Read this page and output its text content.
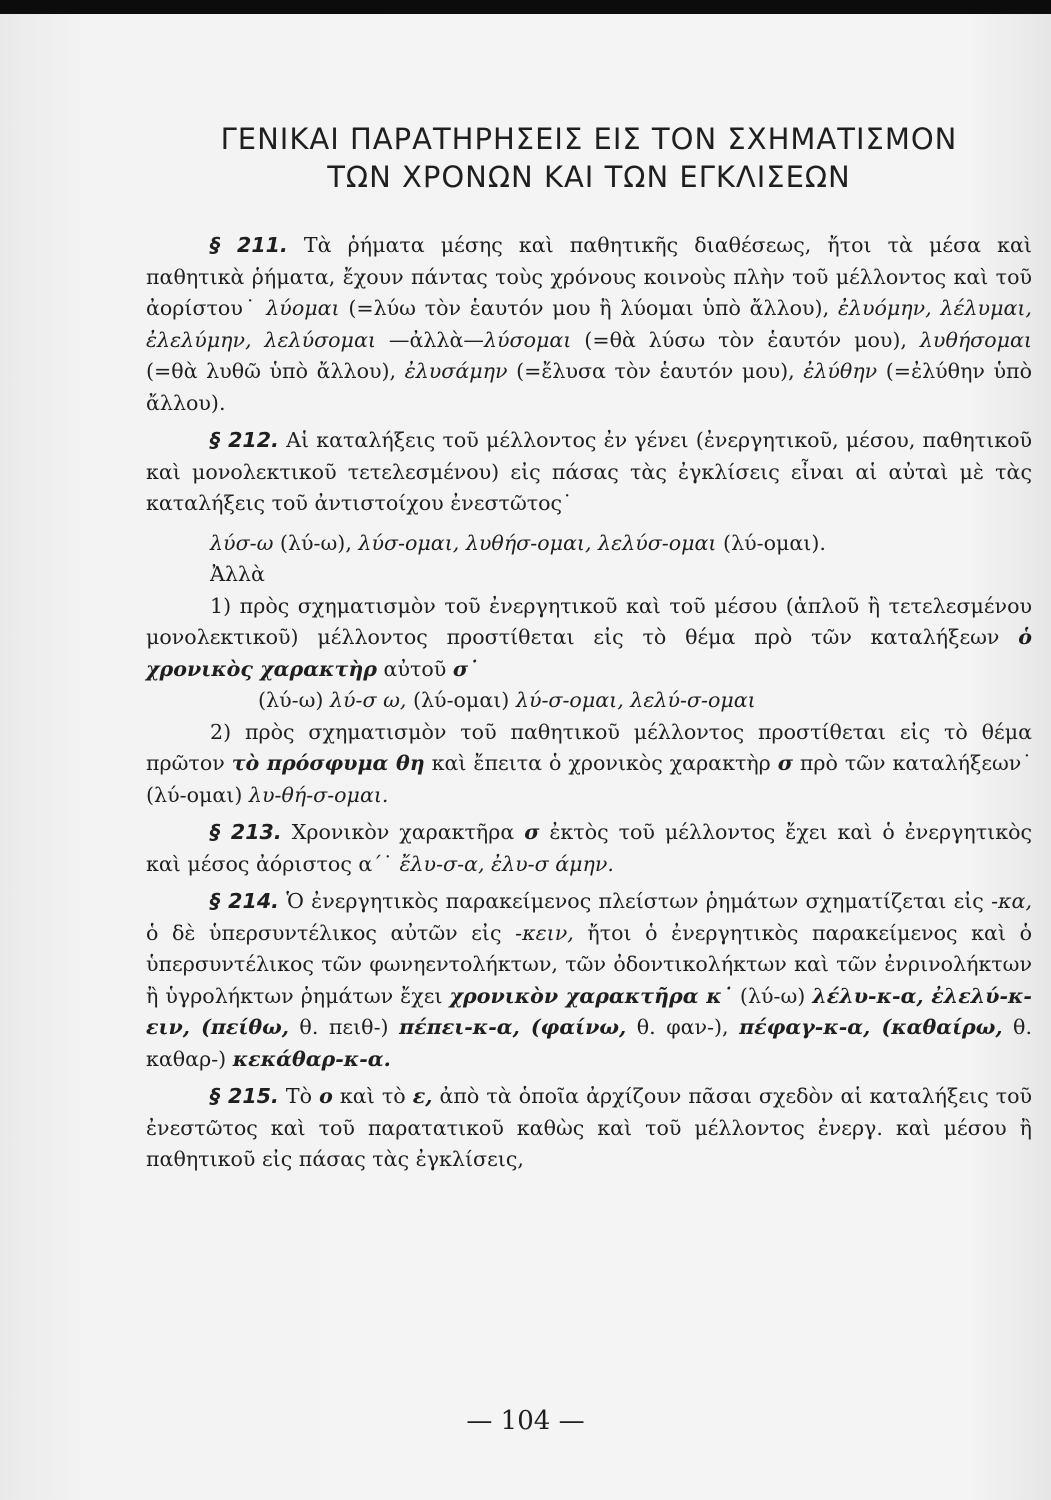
ΓΕΝΙΚΑΙ ΠΑΡΑΤΗΡΗΣΕΙΣ ΕΙΣ ΤΟΝ ΣΧΗΜΑΤΙΣΜΟΝ
ΤΩΝ ΧΡΟΝΩΝ ΚΑΙ ΤΩΝ ΕΓΚΛΙΣΕΩΝ

§ 211. Τὰ ῥήματα μέσης καὶ παθητικῆς διαθέσεως, ἤτοι τὰ μέσα καὶ παθητικὰ ῥήματα, ἔχουν πάντας τοὺς χρόνους κοινοὺς πλὴν τοῦ μέλλοντος καὶ τοῦ ἀορίστου˙ λύομαι (=λύω τὸν ἑαυτόν μου ἢ λύομαι ὑπὸ ἄλλου), ἐλυόμην, λέλυμαι, ἐλελύμην, λελύσομαι —ἀλλὰ—λύσομαι (=θὰ λύσω τὸν ἑαυτόν μου), λυθήσομαι (=θὰ λυθῶ ὑπὸ ἄλλου), ἐλυσάμην (=ἔλυσα τὸν ἑαυτόν μου), ἐλύθην (=ἐλύθην ὑπὸ ἄλλου).

§ 212. Αἱ καταλήξεις τοῦ μέλλοντος ἐν γένει (ἐνεργητικοῦ, μέσου, παθητικοῦ καὶ μονολεκτικοῦ τετελεσμένου) εἰς πάσας τὰς ἐγκλίσεις εἶναι αἱ αὐταὶ μὲ τὰς καταλήξεις τοῦ ἀντιστοίχου ἐνεστῶτος˙

λύσ-ω (λύ-ω), λύσ-ομαι, λυθήσ-ομαι, λελύσ-ομαι (λύ-ομαι).

Ἀλλὰ

1) πρὸς σχηματισμὸν τοῦ ἐνεργητικοῦ καὶ τοῦ μέσου (ἁπλοῦ ἢ τετελεσμένου μονολεκτικοῦ) μέλλοντος προστίθεται εἰς τὸ θέμα πρὸ τῶν καταλήξεων ὁ χρονικὸς χαρακτὴρ αὐτοῦ σ˙

(λύ-ω) λύ-σ ω, (λύ-ομαι) λύ-σ-ομαι, λελύ-σ-ομαι

2) πρὸς σχηματισμὸν τοῦ παθητικοῦ μέλλοντος προστίθεται εἰς τὸ θέμα πρῶτον τὸ πρόσφυμα θη καὶ ἔπειτα ὁ χρονικὸς χαρακτὴρ σ πρὸ τῶν καταλήξεων˙ (λύ-ομαι) λυ-θή-σ-ομαι.

§ 213. Χρονικὸν χαρακτῆρα σ ἐκτὸς τοῦ μέλλοντος ἔχει καὶ ὁ ἐνεργητικὸς καὶ μέσος ἀόριστος α΄˙ ἔλυ-σ-α, ἐλυ-σ άμην.

§ 214. Ὁ ἐνεργητικὸς παρακείμενος πλείστων ῥημάτων σχηματίζεται εἰς -κα, ὁ δὲ ὑπερσυντέλικος αὐτῶν εἰς -κειν, ἤτοι ὁ ἐνεργητικὸς παρακείμενος καὶ ὁ ὑπερσυντέλικος τῶν φωνηεντολήκτων, τῶν ὀδοντικολήκτων καὶ τῶν ἐνρινολήκτων ἢ ὑγρολήκτων ῥημάτων ἔχει χρονικὸν χαρακτῆρα κ˙ (λύ-ω) λέλυ-κ-α, ἐλελύ-κ-ειν, (πείθω, θ. πειθ-) πέπει-κ-α, (φαίνω, θ. φαν-), πέφαγ-κ-α, (καθαίρω, θ. καθαρ-) κεκάθαρ-κ-α.

§ 215. Τὸ ο καὶ τὸ ε, ἀπὸ τὰ ὁποῖα ἀρχίζουν πᾶσαι σχεδὸν αἱ καταλήξεις τοῦ ἐνεστῶτος καὶ τοῦ παρατατικοῦ καθὼς καὶ τοῦ μέλλοντος ἐνεργ. καὶ μέσου ἢ παθητικοῦ εἰς πάσας τὰς ἐγκλίσεις,

— 104 —
